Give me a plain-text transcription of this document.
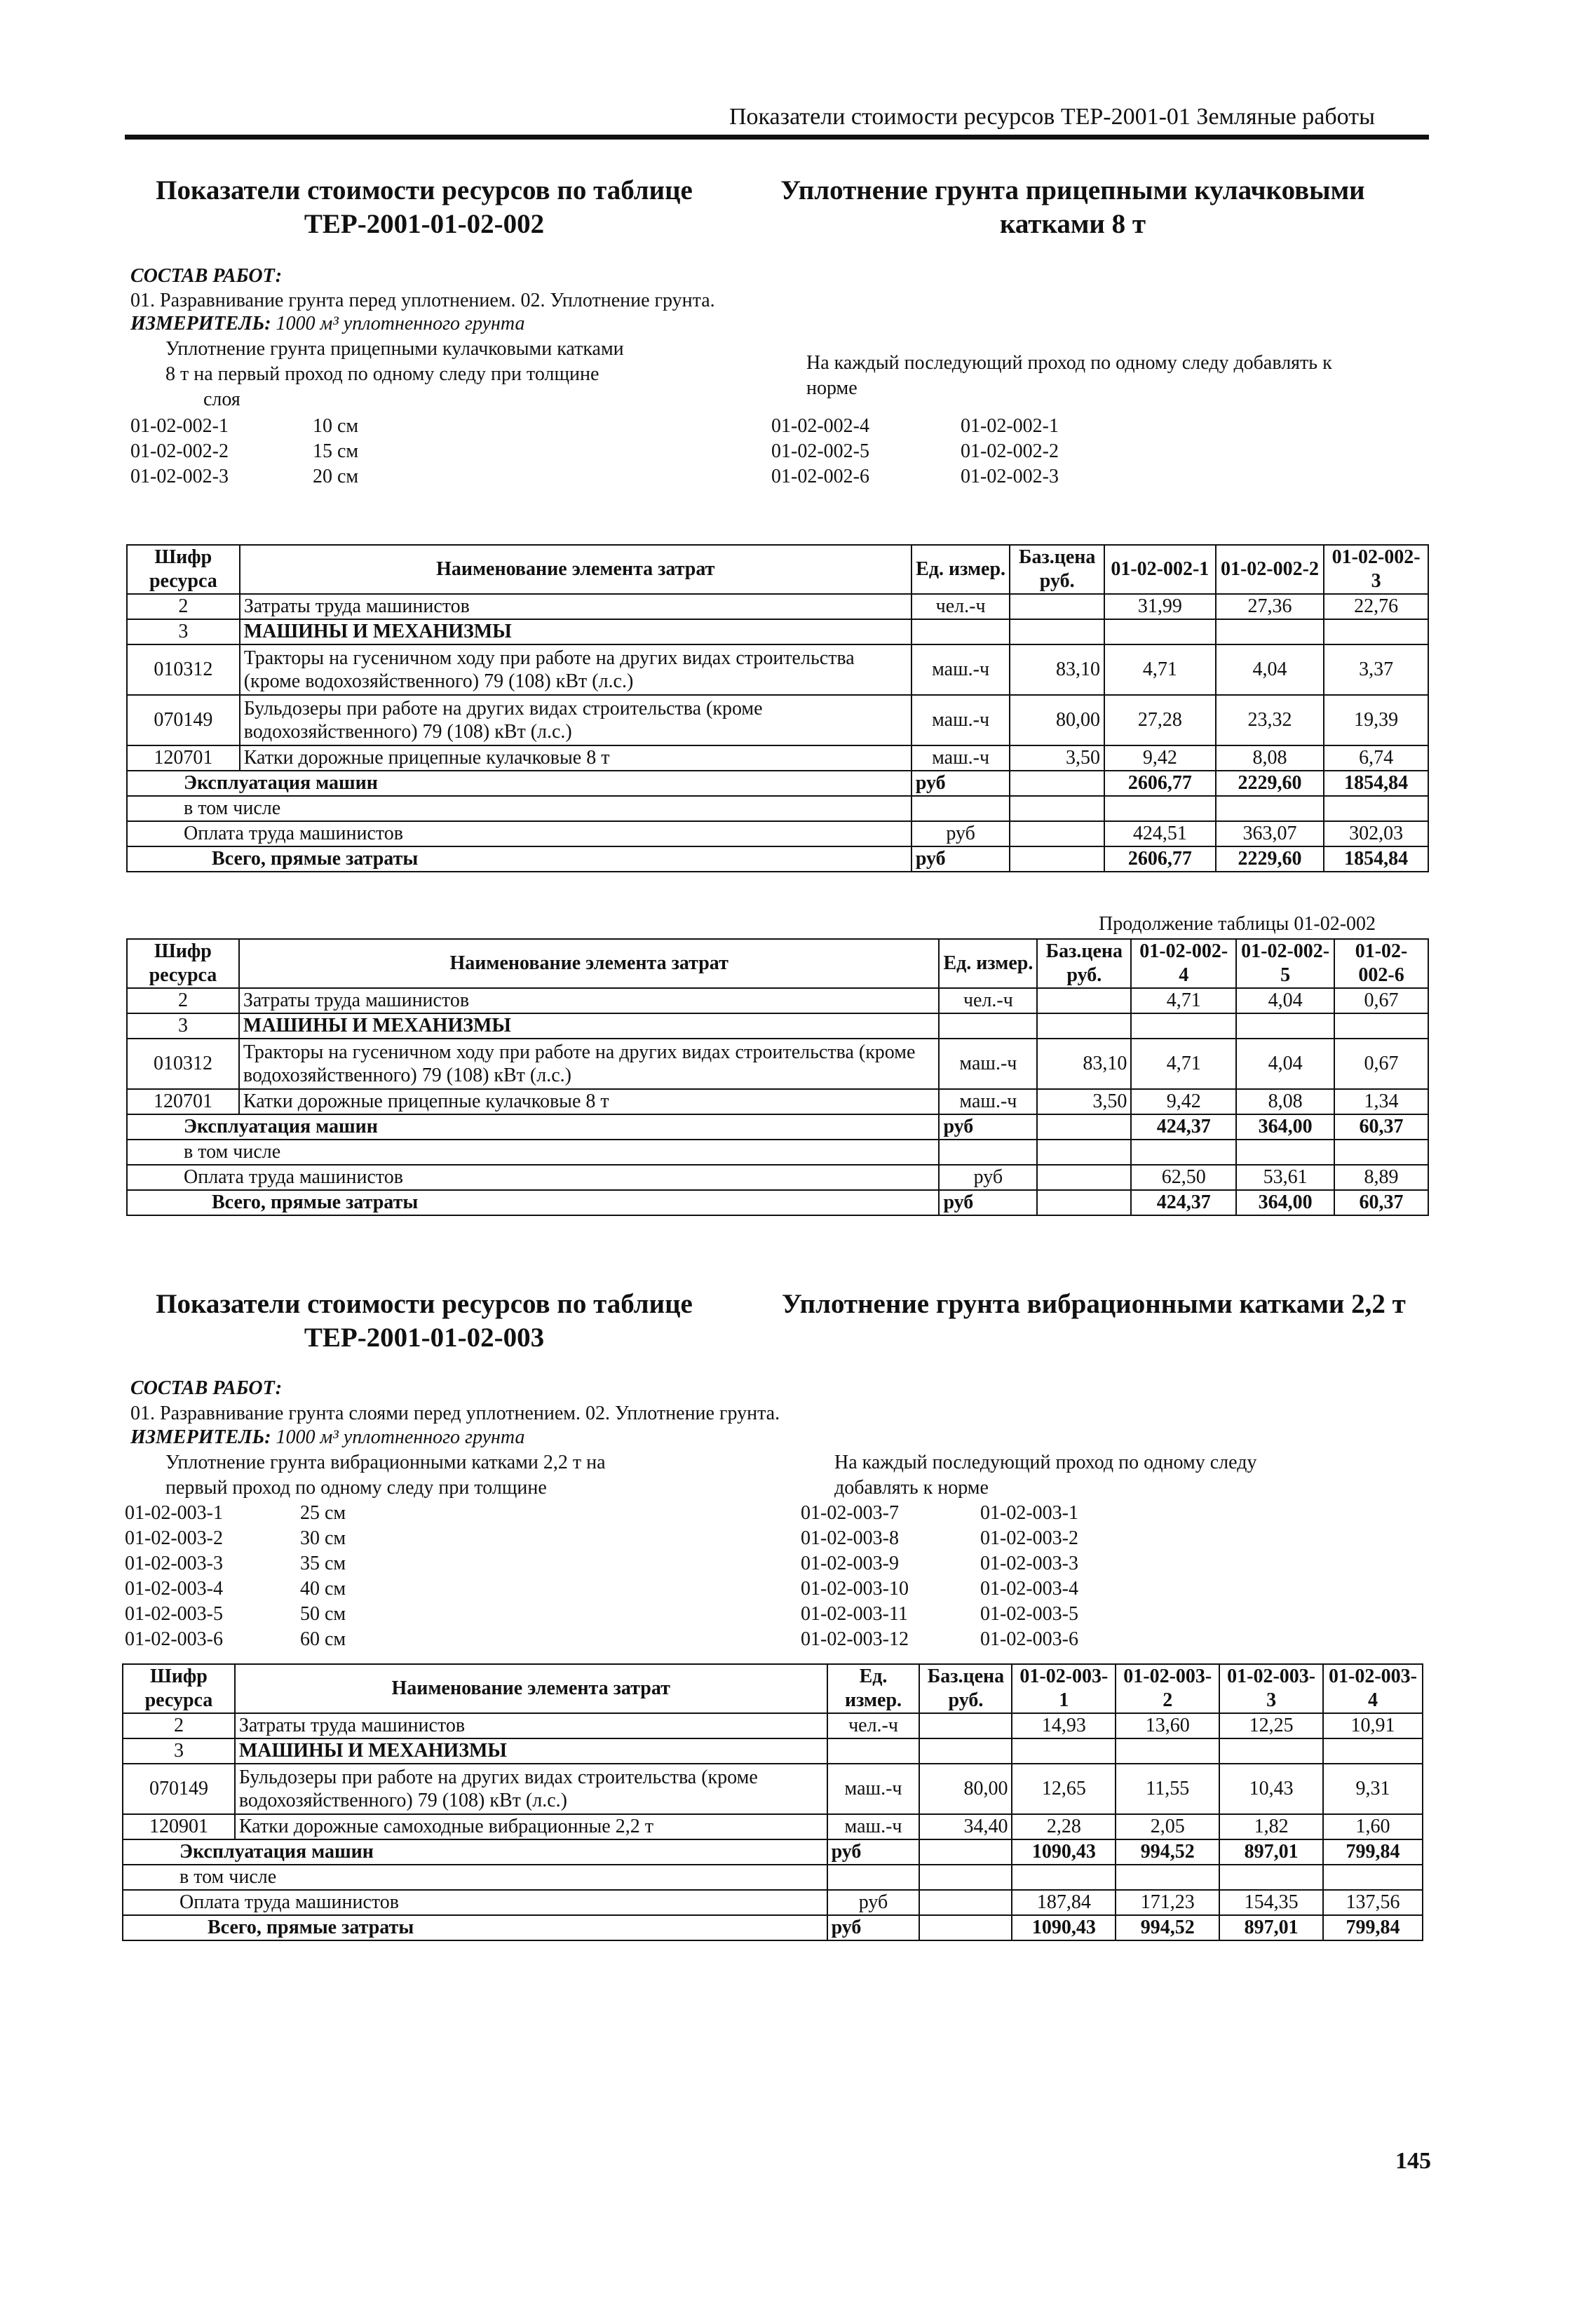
Показатели стоимости ресурсов ТЕР-2001-01 Земляные работы
Показатели стоимости ресурсов по таблице
ТЕР-2001-01-02-002
Уплотнение грунта прицепными кулачковыми
катками 8 т
СОСТАВ РАБОТ:
01. Разравнивание грунта перед уплотнением. 02. Уплотнение грунта.
ИЗМЕРИТЕЛЬ: 1000 м³ уплотненного грунта
Уплотнение грунта прицепными кулачковыми катками
8 т на первый проход по одному следу при толщине
слоя
На каждый последующий проход по одному следу добавлять к
норме
01-02-002-1	10 см
01-02-002-2	15 см
01-02-002-3	20 см
01-02-002-4	01-02-002-1
01-02-002-5	01-02-002-2
01-02-002-6	01-02-002-3
Шифр ресурса	Наименование элемента затрат	Ед. измер.	Баз.цена руб.	01-02-002-1	01-02-002-2	01-02-002-3
2	Затраты труда машинистов	чел.-ч		31,99	27,36	22,76
3	МАШИНЫ И МЕХАНИЗМЫ					
010312	Тракторы на гусеничном ходу при работе на других видах строительства (кроме водохозяйственного) 79 (108) кВт (л.с.)	маш.-ч	83,10	4,71	4,04	3,37
070149	Бульдозеры при работе на других видах строительства (кроме водохозяйственного) 79 (108) кВт (л.с.)	маш.-ч	80,00	27,28	23,32	19,39
120701	Катки дорожные прицепные кулачковые 8 т	маш.-ч	3,50	9,42	8,08	6,74
Эксплуатация машин		руб		2606,77	2229,60	1854,84
в том числе						
Оплата труда машинистов		руб		424,51	363,07	302,03
Всего, прямые затраты		руб		2606,77	2229,60	1854,84
Продолжение таблицы 01-02-002
Шифр ресурса	Наименование элемента затрат	Ед. измер.	Баз.цена руб.	01-02-002-4	01-02-002-5	01-02-002-6
2	Затраты труда машинистов	чел.-ч		4,71	4,04	0,67
3	МАШИНЫ И МЕХАНИЗМЫ					
010312	Тракторы на гусеничном ходу при работе на других видах строительства (кроме водохозяйственного) 79 (108) кВт (л.с.)	маш.-ч	83,10	4,71	4,04	0,67
120701	Катки дорожные прицепные кулачковые 8 т	маш.-ч	3,50	9,42	8,08	1,34
Эксплуатация машин		руб		424,37	364,00	60,37
в том числе						
Оплата труда машинистов		руб		62,50	53,61	8,89
Всего, прямые затраты		руб		424,37	364,00	60,37
Показатели стоимости ресурсов по таблице
ТЕР-2001-01-02-003
Уплотнение грунта вибрационными катками 2,2 т
СОСТАВ РАБОТ:
01. Разравнивание грунта слоями перед уплотнением. 02. Уплотнение грунта.
ИЗМЕРИТЕЛЬ: 1000 м³ уплотненного грунта
Уплотнение грунта вибрационными катками 2,2 т на
первый проход по одному следу при толщине
На каждый последующий проход по одному следу
добавлять к норме
01-02-003-1	25 см
01-02-003-2	30 см
01-02-003-3	35 см
01-02-003-4	40 см
01-02-003-5	50 см
01-02-003-6	60 см
01-02-003-7	01-02-003-1
01-02-003-8	01-02-003-2
01-02-003-9	01-02-003-3
01-02-003-10	01-02-003-4
01-02-003-11	01-02-003-5
01-02-003-12	01-02-003-6
Шифр ресурса	Наименование элемента затрат	Ед. измер.	Баз.цена руб.	01-02-003-1	01-02-003-2	01-02-003-3	01-02-003-4
2	Затраты труда машинистов	чел.-ч		14,93	13,60	12,25	10,91
3	МАШИНЫ И МЕХАНИЗМЫ						
070149	Бульдозеры при работе на других видах строительства (кроме водохозяйственного) 79 (108) кВт (л.с.)	маш.-ч	80,00	12,65	11,55	10,43	9,31
120901	Катки дорожные самоходные вибрационные 2,2 т	маш.-ч	34,40	2,28	2,05	1,82	1,60
Эксплуатация машин		руб		1090,43	994,52	897,01	799,84
в том числе							
Оплата труда машинистов		руб		187,84	171,23	154,35	137,56
Всего, прямые затраты		руб		1090,43	994,52	897,01	799,84
145
